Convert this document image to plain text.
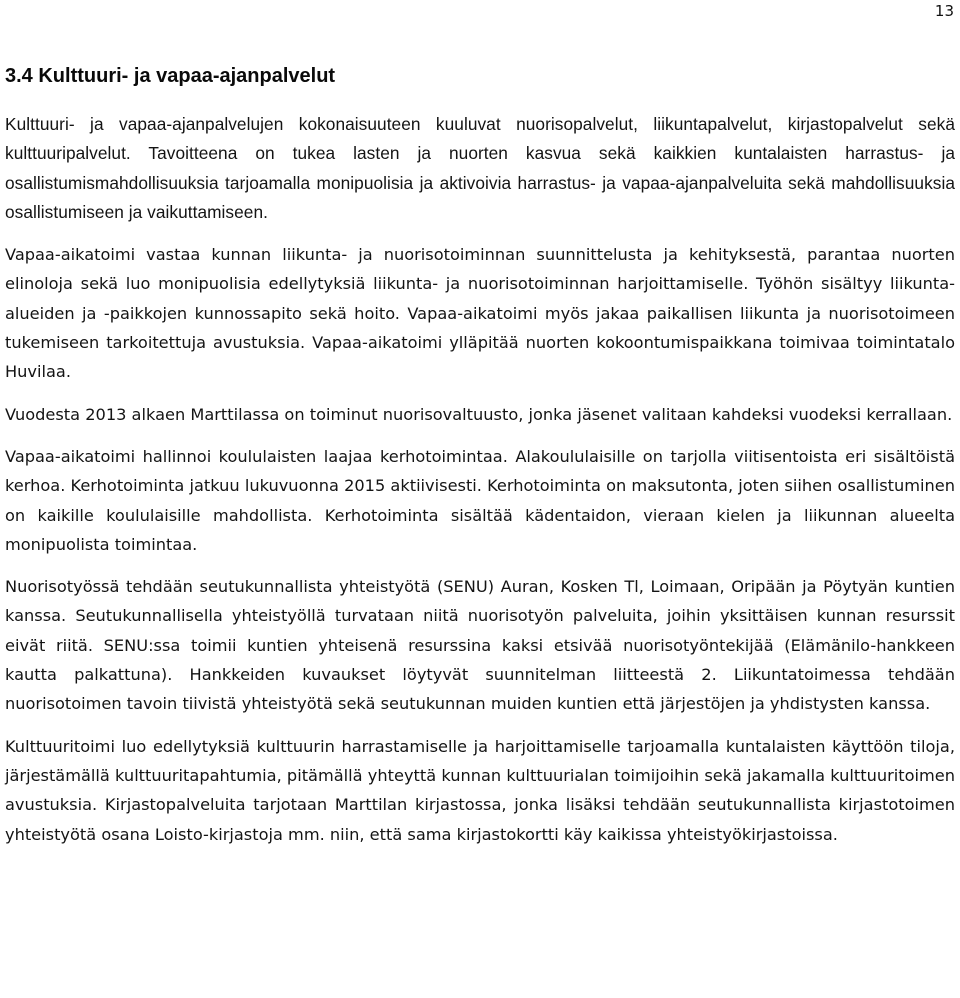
13
3.4 Kulttuuri- ja vapaa-ajanpalvelut

Kulttuuri- ja vapaa-ajanpalvelujen kokonaisuuteen kuuluvat nuorisopalvelut, liikuntapalvelut, kirjastopalvelut sekä kulttuuripalvelut. Tavoitteena on tukea lasten ja nuorten kasvua sekä kaikkien kuntalaisten harrastus- ja osallistumismahdollisuuksia tarjoamalla monipuolisia ja aktivoivia harrastus- ja vapaa-ajanpalveluita sekä mahdollisuuksia osallistumiseen ja vaikuttamiseen.

Vapaa-aikatoimi vastaa kunnan liikunta- ja nuorisotoiminnan suunnittelusta ja kehityksestä, parantaa nuorten elinoloja sekä luo monipuolisia edellytyksiä liikunta- ja nuorisotoiminnan harjoittamiselle. Työhön sisältyy liikunta-alueiden ja -paikkojen kunnossapito sekä hoito. Vapaa-aikatoimi myös jakaa paikallisen liikunta ja nuorisotoimeen tukemiseen tarkoitettuja avustuksia. Vapaa-aikatoimi ylläpitää nuorten kokoontumispaikkana toimivaa toimintatalo Huvilaa.

Vuodesta 2013 alkaen Marttilassa on toiminut nuorisovaltuusto, jonka jäsenet valitaan kahdeksi vuodeksi kerrallaan.

Vapaa-aikatoimi hallinnoi koululaisten laajaa kerhotoimintaa. Alakoululaisille on tarjolla viitisentoista eri sisältöistä kerhoa. Kerhotoiminta jatkuu lukuvuonna 2015 aktiivisesti. Kerhotoiminta on maksutonta, joten siihen osallistuminen on kaikille koululaisille mahdollista. Kerhotoiminta sisältää kädentaidon, vieraan kielen ja liikunnan alueelta monipuolista toimintaa.

Nuorisotyössä tehdään seutukunnallista yhteistyötä (SENU) Auran, Kosken Tl, Loimaan, Oripään ja Pöytyän kuntien kanssa. Seutukunnallisella yhteistyöllä turvataan niitä nuorisotyön palveluita, joihin yksittäisen kunnan resurssit eivät riitä. SENU:ssa toimii kuntien yhteisenä resurssina kaksi etsivää nuorisotyöntekijää (Elämänilo-hankkeen kautta palkattuna). Hankkeiden kuvaukset löytyvät suunnitelman liitteestä 2. Liikuntatoimessa tehdään nuorisotoimen tavoin tiivistä yhteistyötä sekä seutukunnan muiden kuntien että järjestöjen ja yhdistysten kanssa.

Kulttuuritoimi luo edellytyksiä kulttuurin harrastamiselle ja harjoittamiselle tarjoamalla kuntalaisten käyttöön tiloja, järjestämällä kulttuuritapahtumia, pitämällä yhteyttä kunnan kulttuurialan toimijoihin sekä jakamalla kulttuuritoimen avustuksia. Kirjastopalveluita tarjotaan Marttilan kirjastossa, jonka lisäksi tehdään seutukunnallista kirjastotoimen yhteistyötä osana Loisto-kirjastoja mm. niin, että sama kirjastokortti käy kaikissa yhteistyökirjastoissa.
